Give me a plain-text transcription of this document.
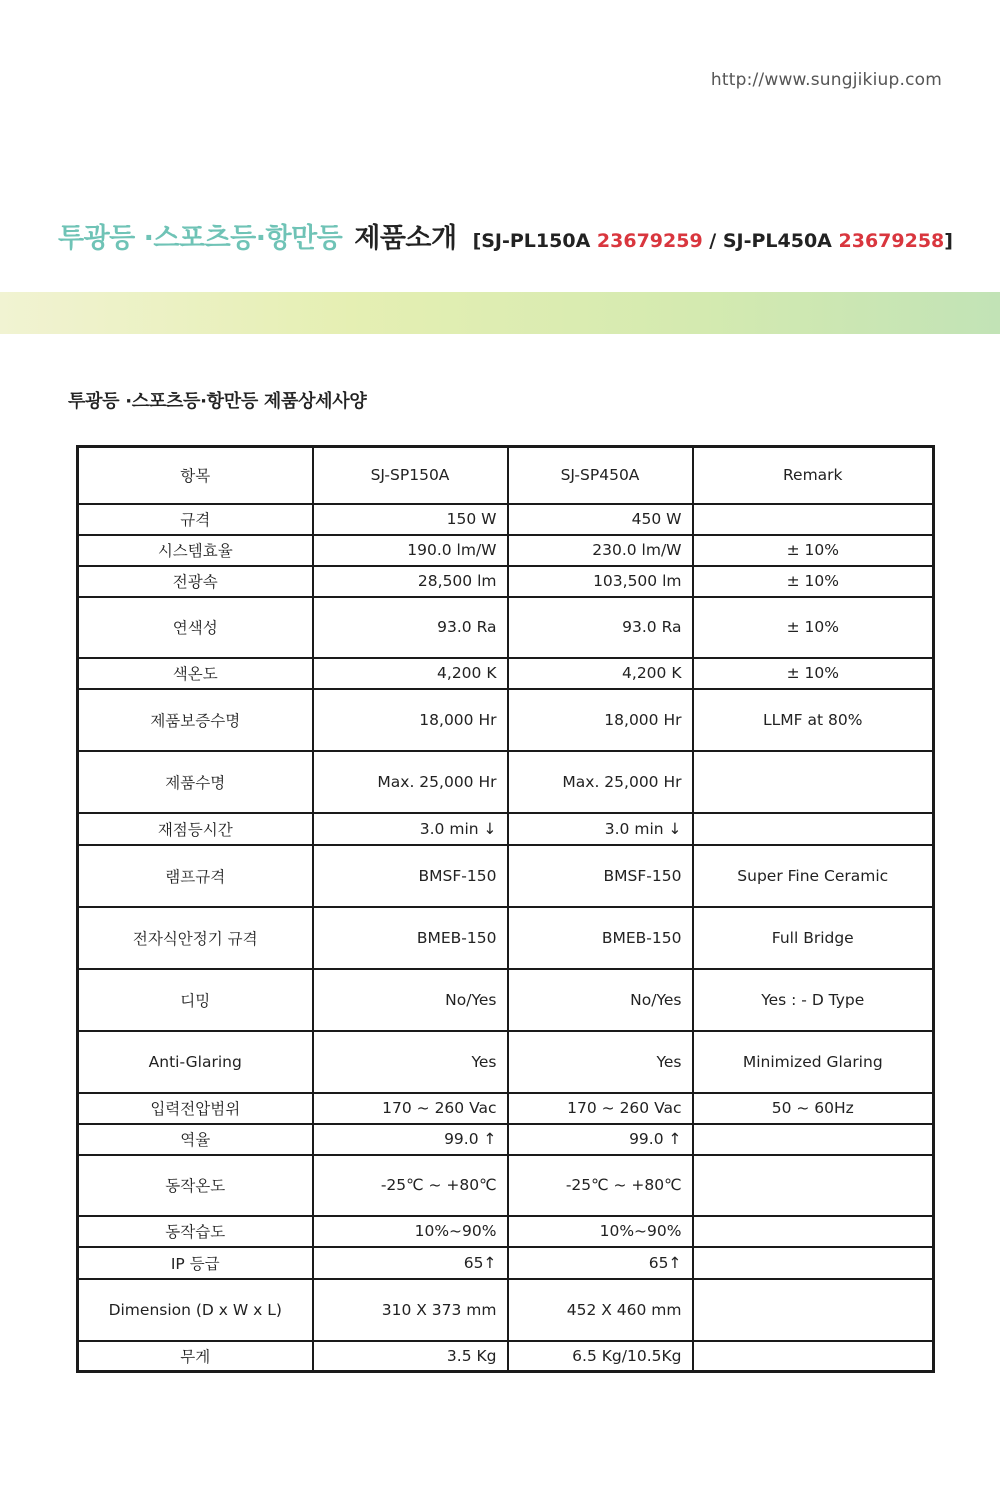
http://www.sungjikiup.com
투광등 ·스포츠등·항만등 제품소개 [SJ-PL150A 23679259 / SJ-PL450A 23679258]
투광등 ·스포츠등·항만등 제품상세사양
항목	SJ-SP150A	SJ-SP450A	Remark
규격	150 W	450 W	
시스템효율	190.0 lm/W	230.0 lm/W	± 10%
전광속	28,500 lm	103,500 lm	± 10%
연색성	93.0 Ra	93.0 Ra	± 10%
색온도	4,200 K	4,200 K	± 10%
제품보증수명	18,000 Hr	18,000 Hr	LLMF at 80%
제품수명	Max. 25,000 Hr	Max. 25,000 Hr	
재점등시간	3.0 min ↓	3.0 min ↓	
램프규격	BMSF-150	BMSF-150	Super Fine Ceramic
전자식안정기 규격	BMEB-150	BMEB-150	Full Bridge
디밍	No/Yes	No/Yes	Yes : - D Type
Anti-Glaring	Yes	Yes	Minimized Glaring
입력전압범위	170 ~ 260 Vac	170 ~ 260 Vac	50 ~ 60Hz
역율	99.0 ↑	99.0 ↑	
동작온도	-25℃ ~ +80℃	-25℃ ~ +80℃	
동작습도	10%~90%	10%~90%	
IP 등급	65↑	65↑	
Dimension (D x W x L)	310 X 373 mm	452 X 460 mm	
무게	3.5 Kg	6.5 Kg/10.5Kg	
